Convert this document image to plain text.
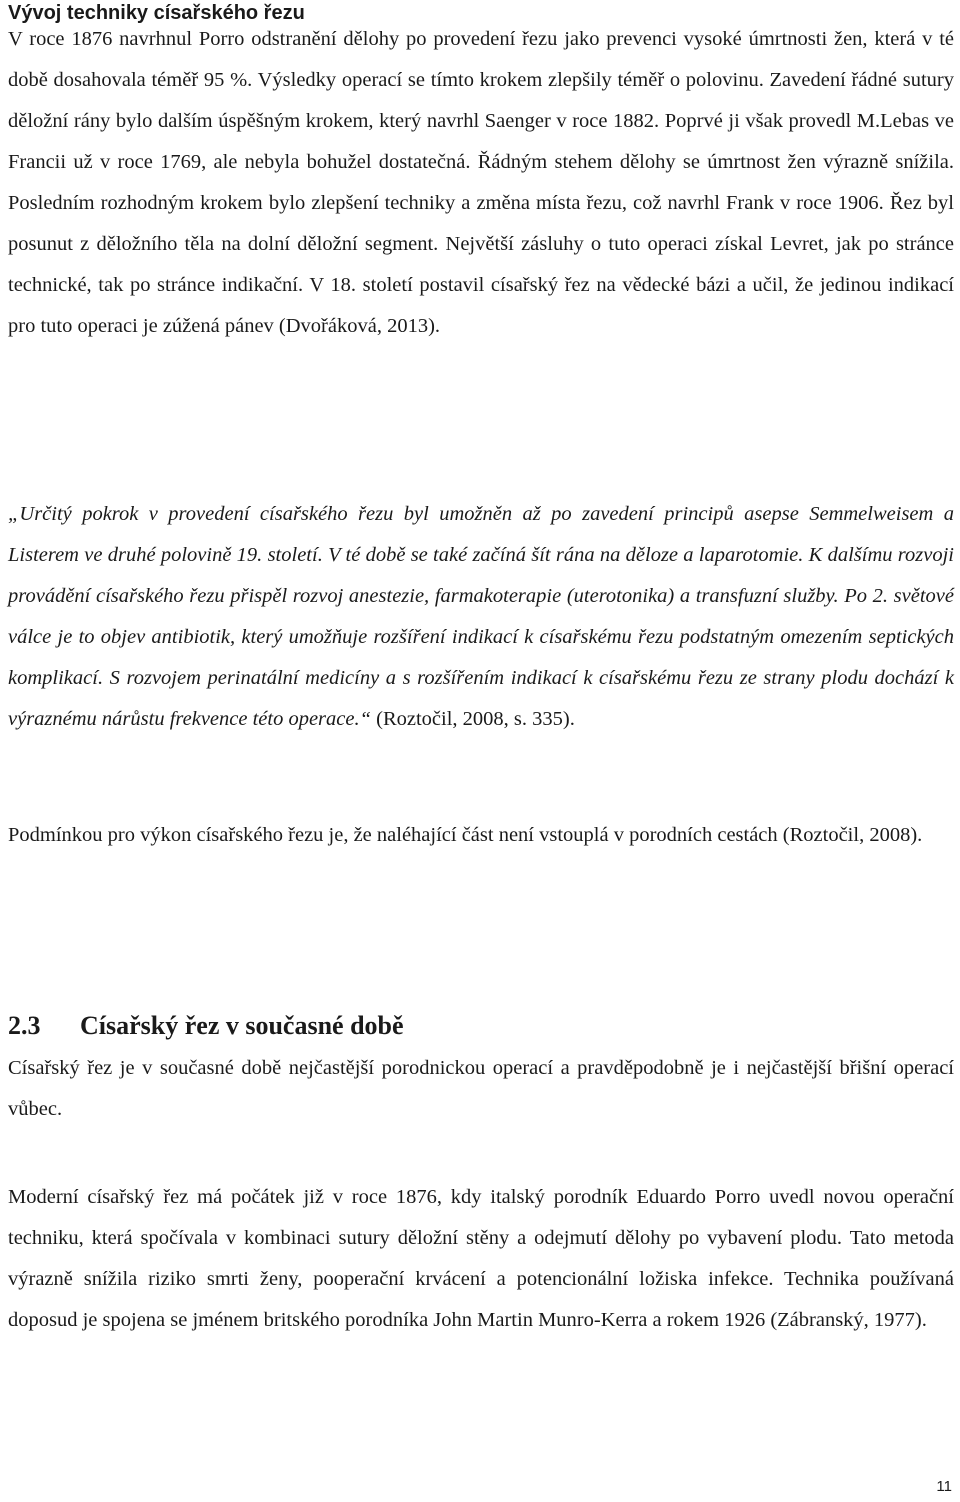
Vývoj techniky císařského řezu

V roce 1876 navrhnul Porro odstranění dělohy po provedení řezu jako prevenci vysoké úmrtnosti žen, která v té době dosahovala téměř 95 %. Výsledky operací se tímto krokem zlepšily téměř o polovinu. Zavedení řádné sutury děložní rány bylo dalším úspěšným krokem, který navrhl Saenger v roce 1882. Poprvé ji však provedl M.Lebas ve Francii už v roce 1769, ale nebyla bohužel dostatečná. Řádným stehem dělohy se úmrtnost žen výrazně snížila. Posledním rozhodným krokem bylo zlepšení techniky a změna místa řezu, což navrhl Frank v roce 1906. Řez byl posunut z děložního těla na dolní děložní segment. Největší zásluhy o tuto operaci získal Levret, jak po stránce technické, tak po stránce indikační. V 18. století postavil císařský řez na vědecké bázi a učil, že jedinou indikací pro tuto operaci je zúžená pánev (Dvořáková, 2013).

„Určitý pokrok v provedení císařského řezu byl umožněn až po zavedení principů asepse Semmelweisem a Listerem ve druhé polovině 19. století. V té době se také začíná šít rána na děloze a laparotomie. K dalšímu rozvoji provádění císařského řezu přispěl rozvoj anestezie, farmakoterapie (uterotonika) a transfuzní služby. Po 2. světové válce je to objev antibiotik, který umožňuje rozšíření indikací k císařskému řezu podstatným omezením septických komplikací. S rozvojem perinatální medicíny a s rozšířením indikací k císařskému řezu ze strany plodu dochází k výraznému nárůstu frekvence této operace.“ (Roztočil, 2008, s. 335).

Podmínkou pro výkon císařského řezu je, že naléhající část není vstouplá v porodních cestách (Roztočil, 2008).

2.3 Císařský řez v současné době

Císařský řez je v současné době nejčastější porodnickou operací a pravděpodobně je i nejčastější břišní operací vůbec.

Moderní císařský řez má počátek již v roce 1876, kdy italský porodník Eduardo Porro uvedl novou operační techniku, která spočívala v kombinaci sutury děložní stěny a odejmutí dělohy po vybavení plodu. Tato metoda výrazně snížila riziko smrti ženy, pooperační krvácení a potencionální ložiska infekce. Technika používaná doposud je spojena se jménem britského porodníka John Martin Munro-Kerra a rokem 1926 (Zábranský, 1977).

11
